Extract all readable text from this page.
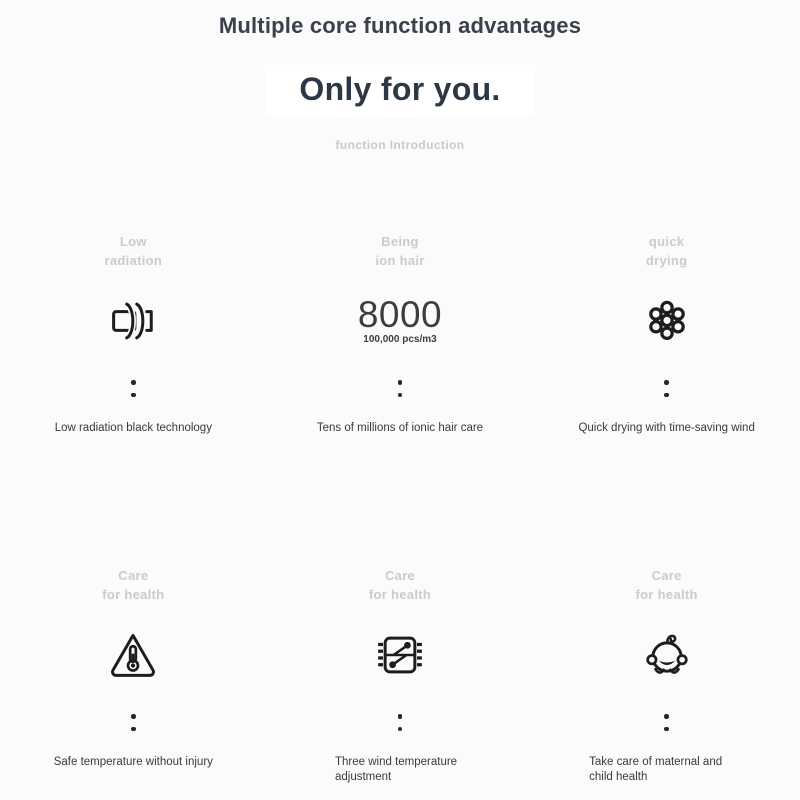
Multiple core function advantages
Only for you.
function Introduction
Low
radiation
Low radiation black technology
Being
ion hair
8000
100,000 pcs/m3
Tens of millions of ionic hair care
quick
drying
Quick drying with time-saving wind
Care
for health
Safe temperature without injury
Care
for health
Three wind temperature adjustment
Care
for health
Take care of maternal and child health
